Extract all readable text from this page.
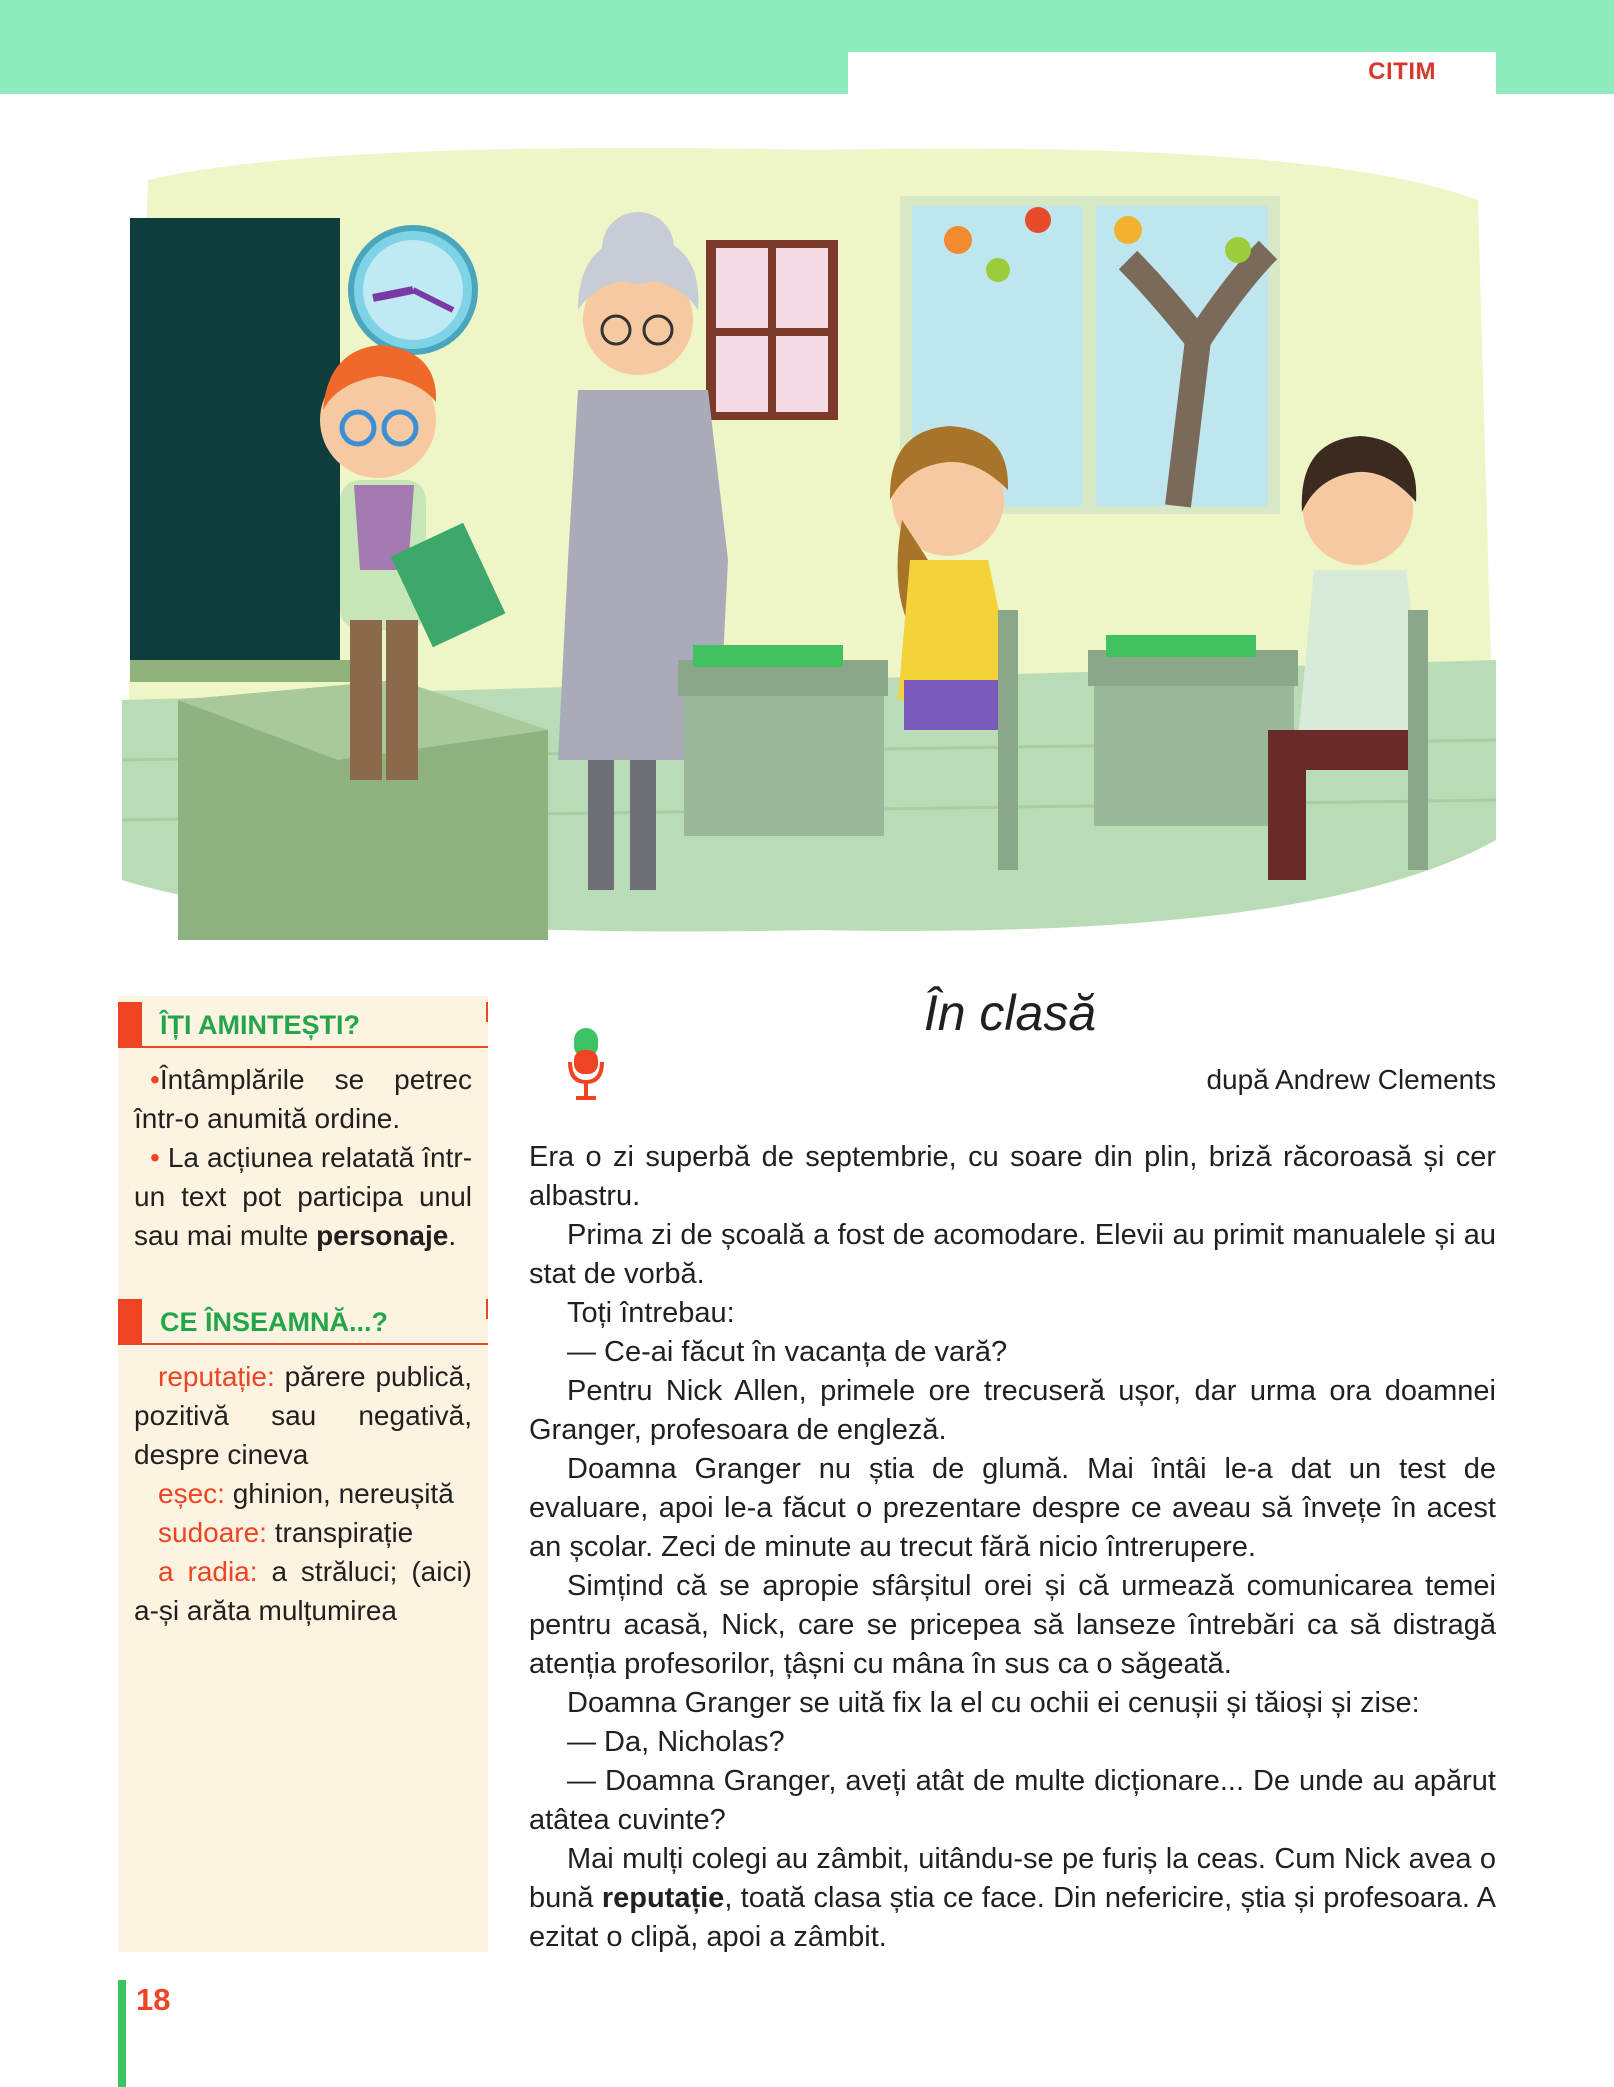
CITIM
ÎȚI AMINTEȘTI?

•Întâmplările se petrec într-o anumită ordine.

• La acțiunea relatată într-un text pot participa unul sau mai multe personaje.

CE ÎNSEAMNĂ...?

reputație: părere publică, pozitivă sau negativă, despre cineva

eșec: ghinion, nereușită

sudoare: transpirație

a radia: a străluci; (aici) a-și arăta mulțumirea

În clasă
după Andrew Clements

Era o zi superbă de septembrie, cu soare din plin, briză răcoroasă și cer albastru.

Prima zi de școală a fost de acomodare. Elevii au primit manualele și au stat de vorbă.

Toți întrebau:

— Ce-ai făcut în vacanța de vară?

Pentru Nick Allen, primele ore trecuseră ușor, dar urma ora doamnei Granger, profesoara de engleză.

Doamna Granger nu știa de glumă. Mai întâi le-a dat un test de evaluare, apoi le-a făcut o prezentare despre ce aveau să învețe în acest an școlar. Zeci de minute au trecut fără nicio întrerupere.

Simțind că se apropie sfârșitul orei și că urmează comunicarea temei pentru acasă, Nick, care se pricepea să lanseze întrebări ca să distragă atenția profesorilor, țâșni cu mâna în sus ca o săgeată.

Doamna Granger se uită fix la el cu ochii ei cenușii și tăioși și zise:

— Da, Nicholas?

— Doamna Granger, aveți atât de multe dicționare... De unde au apărut atâtea cuvinte?

Mai mulți colegi au zâmbit, uitându-se pe furiș la ceas. Cum Nick avea o bună reputație, toată clasa știa ce face. Din nefericire, știa și profesoara. A ezitat o clipă, apoi a zâmbit.

18
